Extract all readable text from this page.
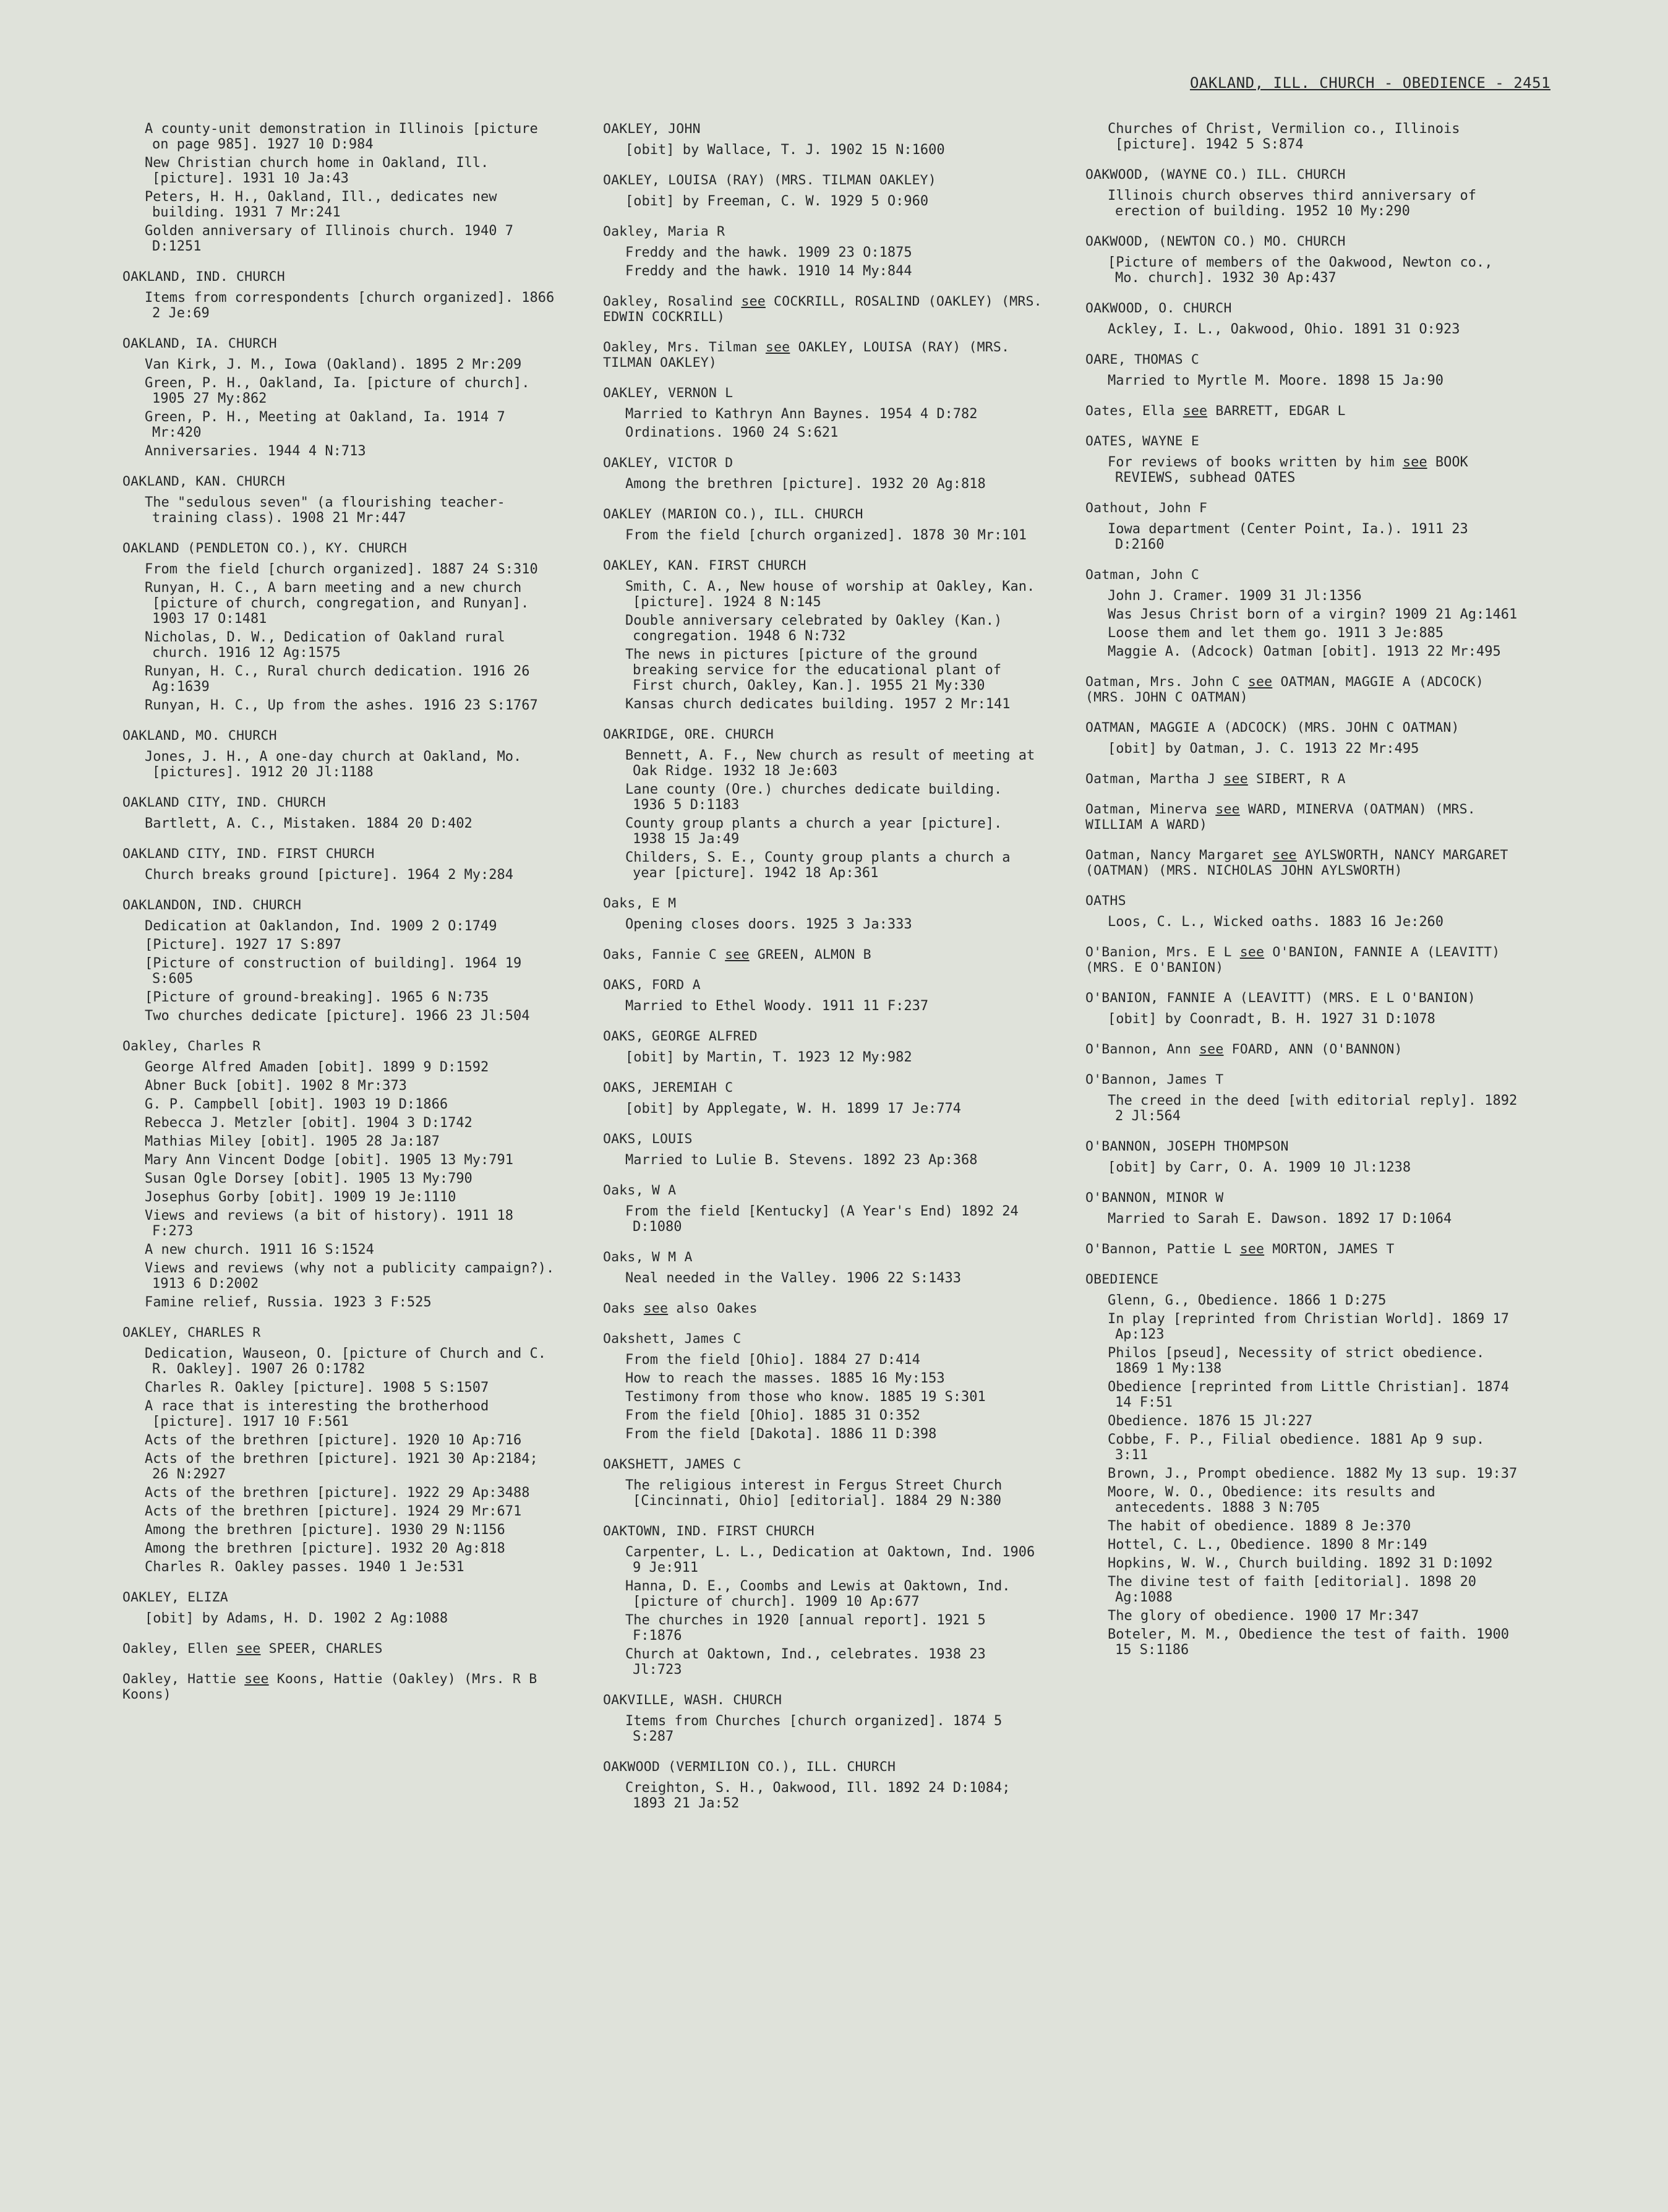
OAKLAND, ILL. CHURCH - OBEDIENCE - 2451
A county-unit demonstration in Illinois [picture on page 985]. 1927 10 D:984
New Christian church home in Oakland, Ill. [picture]. 1931 10 Ja:43
Peters, H. H., Oakland, Ill., dedicates new building. 1931 7 Mr:241
Golden anniversary of Illinois church. 1940 7 D:1251
OAKLAND, IND. CHURCH
Items from correspondents [church organized]. 1866 2 Je:69
OAKLAND, IA. CHURCH
Van Kirk, J. M., Iowa (Oakland). 1895 2 Mr:209
Green, P. H., Oakland, Ia. [picture of church]. 1905 27 My:862
Green, P. H., Meeting at Oakland, Ia. 1914 7 Mr:420
Anniversaries. 1944 4 N:713
OAKLAND, KAN. CHURCH
The "sedulous seven" (a flourishing teacher-training class). 1908 21 Mr:447
OAKLAND (PENDLETON CO.), KY. CHURCH
From the field [church organized]. 1887 24 S:310
Runyan, H. C., A barn meeting and a new church [picture of church, congregation, and Runyan]. 1903 17 O:1481
Nicholas, D. W., Dedication of Oakland rural church. 1916 12 Ag:1575
Runyan, H. C., Rural church dedication. 1916 26 Ag:1639
Runyan, H. C., Up from the ashes. 1916 23 S:1767
OAKLAND, MO. CHURCH
Jones, J. H., A one-day church at Oakland, Mo. [pictures]. 1912 20 Jl:1188
OAKLAND CITY, IND. CHURCH
Bartlett, A. C., Mistaken. 1884 20 D:402
OAKLAND CITY, IND. FIRST CHURCH
Church breaks ground [picture]. 1964 2 My:284
OAKLANDON, IND. CHURCH
Dedication at Oaklandon, Ind. 1909 2 O:1749
[Picture]. 1927 17 S:897
[Picture of construction of building]. 1964 19 S:605
[Picture of ground-breaking]. 1965 6 N:735
Two churches dedicate [picture]. 1966 23 Jl:504
Oakley, Charles R
George Alfred Amaden [obit]. 1899 9 D:1592
Abner Buck [obit]. 1902 8 Mr:373
G. P. Campbell [obit]. 1903 19 D:1866
Rebecca J. Metzler [obit]. 1904 3 D:1742
Mathias Miley [obit]. 1905 28 Ja:187
Mary Ann Vincent Dodge [obit]. 1905 13 My:791
Susan Ogle Dorsey [obit]. 1905 13 My:790
Josephus Gorby [obit]. 1909 19 Je:1110
Views and reviews (a bit of history). 1911 18 F:273
A new church. 1911 16 S:1524
Views and reviews (why not a publicity campaign?). 1913 6 D:2002
Famine relief, Russia. 1923 3 F:525
OAKLEY, CHARLES R
Dedication, Wauseon, O. [picture of Church and C. R. Oakley]. 1907 26 O:1782
Charles R. Oakley [picture]. 1908 5 S:1507
A race that is interesting the brotherhood [picture]. 1917 10 F:561
Acts of the brethren [picture]. 1920 10 Ap:716
Acts of the brethren [picture]. 1921 30 Ap:2184; 26 N:2927
Acts of the brethren [picture]. 1922 29 Ap:3488
Acts of the brethren [picture]. 1924 29 Mr:671
Among the brethren [picture]. 1930 29 N:1156
Among the brethren [picture]. 1932 20 Ag:818
Charles R. Oakley passes. 1940 1 Je:531
OAKLEY, ELIZA
[obit] by Adams, H. D. 1902 2 Ag:1088
Oakley, Ellen see SPEER, CHARLES
Oakley, Hattie see Koons, Hattie (Oakley) (Mrs. R B Koons)
OAKLEY, JOHN
[obit] by Wallace, T. J. 1902 15 N:1600
OAKLEY, LOUISA (RAY) (MRS. TILMAN OAKLEY)
[obit] by Freeman, C. W. 1929 5 O:960
Oakley, Maria R
Freddy and the hawk. 1909 23 O:1875
Freddy and the hawk. 1910 14 My:844
Oakley, Rosalind see COCKRILL, ROSALIND (OAKLEY) (MRS. EDWIN COCKRILL)
Oakley, Mrs. Tilman see OAKLEY, LOUISA (RAY) (MRS. TILMAN OAKLEY)
OAKLEY, VERNON L
Married to Kathryn Ann Baynes. 1954 4 D:782
Ordinations. 1960 24 S:621
OAKLEY, VICTOR D
Among the brethren [picture]. 1932 20 Ag:818
OAKLEY (MARION CO.), ILL. CHURCH
From the field [church organized]. 1878 30 Mr:101
OAKLEY, KAN. FIRST CHURCH
Smith, C. A., New house of worship at Oakley, Kan. [picture]. 1924 8 N:145
Double anniversary celebrated by Oakley (Kan.) congregation. 1948 6 N:732
The news in pictures [picture of the ground breaking service for the educational plant of First church, Oakley, Kan.]. 1955 21 My:330
Kansas church dedicates building. 1957 2 Mr:141
OAKRIDGE, ORE. CHURCH
Bennett, A. F., New church as result of meeting at Oak Ridge. 1932 18 Je:603
Lane county (Ore.) churches dedicate building. 1936 5 D:1183
County group plants a church a year [picture]. 1938 15 Ja:49
Childers, S. E., County group plants a church a year [picture]. 1942 18 Ap:361
Oaks, E M
Opening closes doors. 1925 3 Ja:333
Oaks, Fannie C see GREEN, ALMON B
OAKS, FORD A
Married to Ethel Woody. 1911 11 F:237
OAKS, GEORGE ALFRED
[obit] by Martin, T. 1923 12 My:982
OAKS, JEREMIAH C
[obit] by Applegate, W. H. 1899 17 Je:774
OAKS, LOUIS
Married to Lulie B. Stevens. 1892 23 Ap:368
Oaks, W A
From the field [Kentucky] (A Year's End) 1892 24 D:1080
Oaks, W M A
Neal needed in the Valley. 1906 22 S:1433
Oaks see also Oakes
Oakshett, James C
From the field [Ohio]. 1884 27 D:414
How to reach the masses. 1885 16 My:153
Testimony from those who know. 1885 19 S:301
From the field [Ohio]. 1885 31 O:352
From the field [Dakota]. 1886 11 D:398
OAKSHETT, JAMES C
The religious interest in Fergus Street Church [Cincinnati, Ohio] [editorial]. 1884 29 N:380
OAKTOWN, IND. FIRST CHURCH
Carpenter, L. L., Dedication at Oaktown, Ind. 1906 9 Je:911
Hanna, D. E., Coombs and Lewis at Oaktown, Ind. [picture of church]. 1909 10 Ap:677
The churches in 1920 [annual report]. 1921 5 F:1876
Church at Oaktown, Ind., celebrates. 1938 23 Jl:723
OAKVILLE, WASH. CHURCH
Items from Churches [church organized]. 1874 5 S:287
OAKWOOD (VERMILION CO.), ILL. CHURCH
Creighton, S. H., Oakwood, Ill. 1892 24 D:1084; 1893 21 Ja:52
Churches of Christ, Vermilion co., Illinois [picture]. 1942 5 S:874
OAKWOOD, (WAYNE CO.) ILL. CHURCH
Illinois church observes third anniversary of erection of building. 1952 10 My:290
OAKWOOD, (NEWTON CO.) MO. CHURCH
[Picture of members of the Oakwood, Newton co., Mo. church]. 1932 30 Ap:437
OAKWOOD, O. CHURCH
Ackley, I. L., Oakwood, Ohio. 1891 31 O:923
OARE, THOMAS C
Married to Myrtle M. Moore. 1898 15 Ja:90
Oates, Ella see BARRETT, EDGAR L
OATES, WAYNE E
For reviews of books written by him see BOOK REVIEWS, subhead OATES
Oathout, John F
Iowa department (Center Point, Ia.). 1911 23 D:2160
Oatman, John C
John J. Cramer. 1909 31 Jl:1356
Was Jesus Christ born of a virgin? 1909 21 Ag:1461
Loose them and let them go. 1911 3 Je:885
Maggie A. (Adcock) Oatman [obit]. 1913 22 Mr:495
Oatman, Mrs. John C see OATMAN, MAGGIE A (ADCOCK) (MRS. JOHN C OATMAN)
OATMAN, MAGGIE A (ADCOCK) (MRS. JOHN C OATMAN)
[obit] by Oatman, J. C. 1913 22 Mr:495
Oatman, Martha J see SIBERT, R A
Oatman, Minerva see WARD, MINERVA (OATMAN) (MRS. WILLIAM A WARD)
Oatman, Nancy Margaret see AYLSWORTH, NANCY MARGARET (OATMAN) (MRS. NICHOLAS JOHN AYLSWORTH)
OATHS
Loos, C. L., Wicked oaths. 1883 16 Je:260
O'Banion, Mrs. E L see O'BANION, FANNIE A (LEAVITT) (MRS. E O'BANION)
O'BANION, FANNIE A (LEAVITT) (MRS. E L O'BANION)
[obit] by Coonradt, B. H. 1927 31 D:1078
O'Bannon, Ann see FOARD, ANN (O'BANNON)
O'Bannon, James T
The creed in the deed [with editorial reply]. 1892 2 Jl:564
O'BANNON, JOSEPH THOMPSON
[obit] by Carr, O. A. 1909 10 Jl:1238
O'BANNON, MINOR W
Married to Sarah E. Dawson. 1892 17 D:1064
O'Bannon, Pattie L see MORTON, JAMES T
OBEDIENCE
Glenn, G., Obedience. 1866 1 D:275
In play [reprinted from Christian World]. 1869 17 Ap:123
Philos [pseud], Necessity of strict obedience. 1869 1 My:138
Obedience [reprinted from Little Christian]. 1874 14 F:51
Obedience. 1876 15 Jl:227
Cobbe, F. P., Filial obedience. 1881 Ap 9 sup. 3:11
Brown, J., Prompt obedience. 1882 My 13 sup. 19:37
Moore, W. O., Obedience: its results and antecedents. 1888 3 N:705
The habit of obedience. 1889 8 Je:370
Hottel, C. L., Obedience. 1890 8 Mr:149
Hopkins, W. W., Church building. 1892 31 D:1092
The divine test of faith [editorial]. 1898 20 Ag:1088
The glory of obedience. 1900 17 Mr:347
Boteler, M. M., Obedience the test of faith. 1900 15 S:1186
